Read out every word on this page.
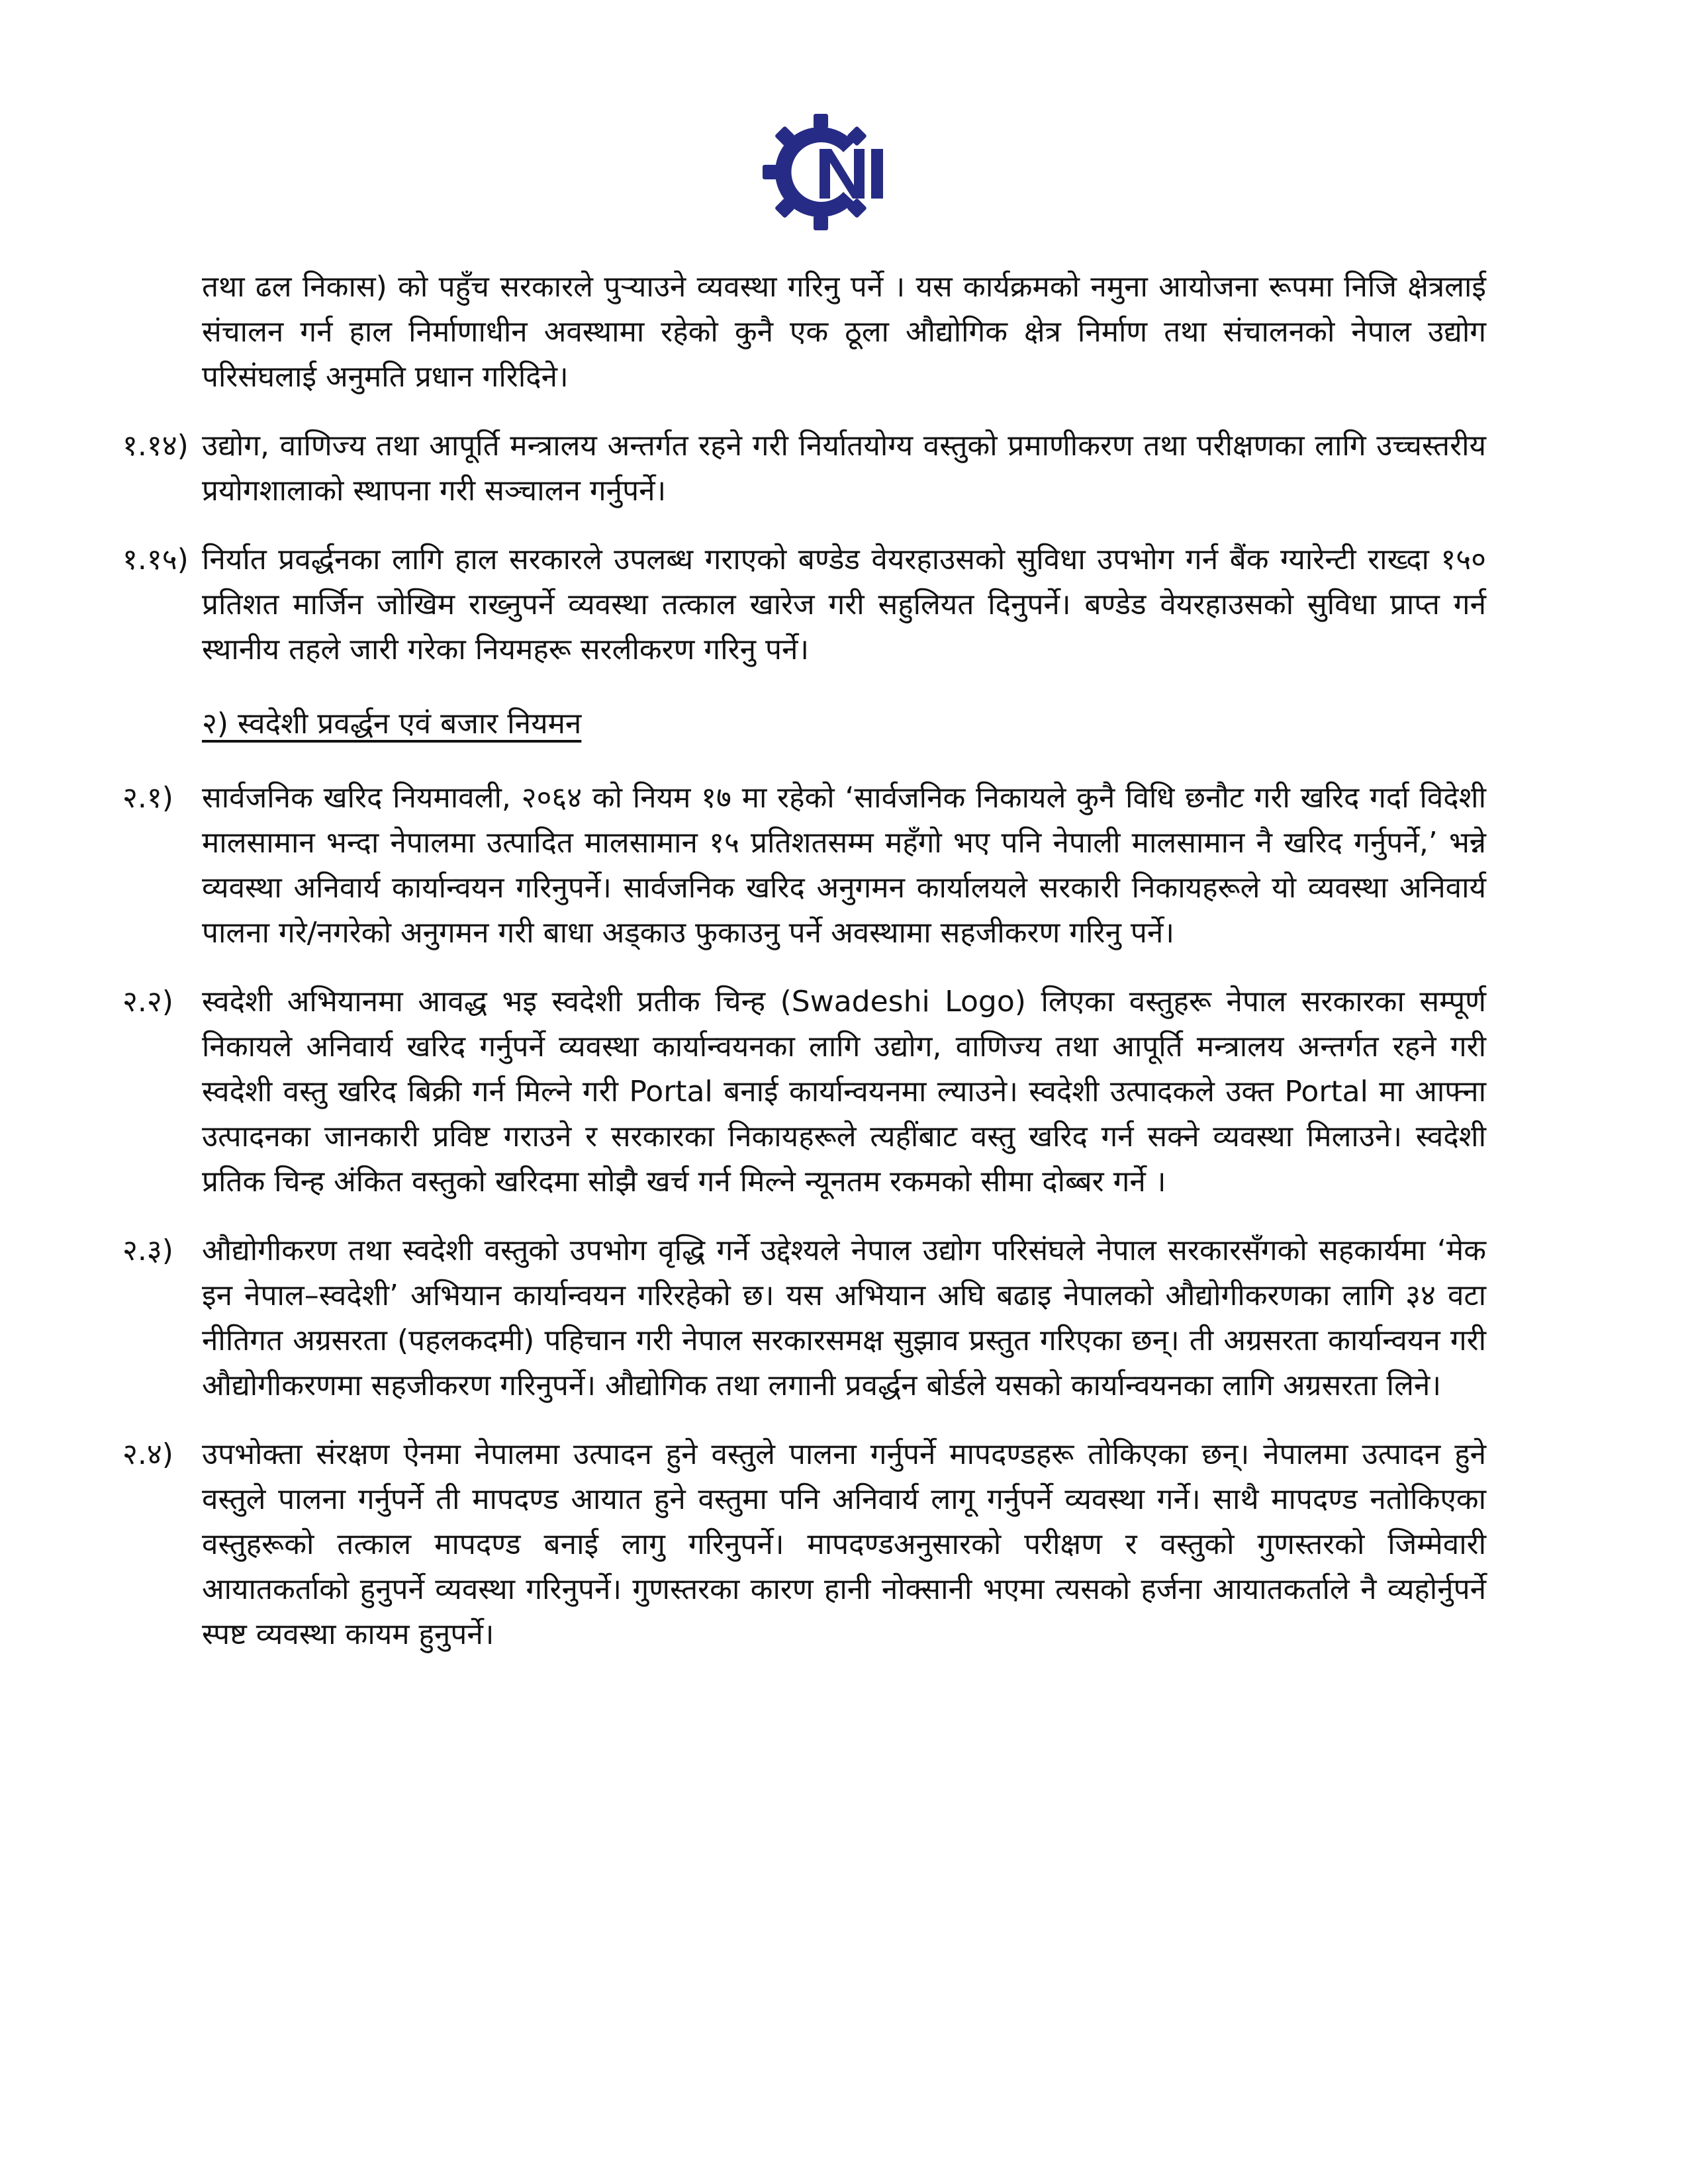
NI

तथा ढल निकास) को पहुँच सरकारले पुर्‍याउने व्यवस्था गरिनु पर्ने । यस कार्यक्रमको नमुना आयोजना रूपमा निजि क्षेत्रलाई संचालन गर्न हाल निर्माणाधीन अवस्थामा रहेको कुनै एक ठूला औद्योगिक क्षेत्र निर्माण तथा संचालनको नेपाल उद्योग परिसंघलाई अनुमति प्रधान गरिदिने।

१.१४) उद्योग, वाणिज्य तथा आपूर्ति मन्त्रालय अन्तर्गत रहने गरी निर्यातयोग्य वस्तुको प्रमाणीकरण तथा परीक्षणका लागि उच्चस्तरीय प्रयोगशालाको स्थापना गरी सञ्चालन गर्नुपर्ने।
१.१५) निर्यात प्रवर्द्धनका लागि हाल सरकारले उपलब्ध गराएको बण्डेड वेयरहाउसको सुविधा उपभोग गर्न बैंक ग्यारेन्टी राख्दा १५० प्रतिशत मार्जिन जोखिम राख्नुपर्ने व्यवस्था तत्काल खारेज गरी सहुलियत दिनुपर्ने। बण्डेड वेयरहाउसको सुविधा प्राप्त गर्न स्थानीय तहले जारी गरेका नियमहरू सरलीकरण गरिनु पर्ने।
२) स्वदेशी प्रवर्द्धन एवं बजार नियमन
२.१) सार्वजनिक खरिद नियमावली, २०६४ को नियम १७ मा रहेको ‘सार्वजनिक निकायले कुनै विधि छनौट गरी खरिद गर्दा विदेशी मालसामान भन्दा नेपालमा उत्पादित मालसामान १५ प्रतिशतसम्म महँगो भए पनि नेपाली मालसामान नै खरिद गर्नुपर्ने,’ भन्ने व्यवस्था अनिवार्य कार्यान्वयन गरिनुपर्ने। सार्वजनिक खरिद अनुगमन कार्यालयले सरकारी निकायहरूले यो व्यवस्था अनिवार्य पालना गरे/नगरेको अनुगमन गरी बाधा अड्काउ फुकाउनु पर्ने अवस्थामा सहजीकरण गरिनु पर्ने।
२.२) स्वदेशी अभियानमा आवद्ध भइ स्वदेशी प्रतीक चिन्ह (Swadeshi Logo) लिएका वस्तुहरू नेपाल सरकारका सम्पूर्ण निकायले अनिवार्य खरिद गर्नुपर्ने व्यवस्था कार्यान्वयनका लागि उद्योग, वाणिज्य तथा आपूर्ति मन्त्रालय अन्तर्गत रहने गरी स्वदेशी वस्तु खरिद बिक्री गर्न मिल्ने गरी Portal बनाई कार्यान्वयनमा ल्याउने। स्वदेशी उत्पादकले उक्त Portal मा आफ्ना उत्पादनका जानकारी प्रविष्ट गराउने र सरकारका निकायहरूले त्यहींबाट वस्तु खरिद गर्न सक्ने व्यवस्था मिलाउने। स्वदेशी प्रतिक चिन्ह अंकित वस्तुको खरिदमा सोझै खर्च गर्न मिल्ने न्यूनतम रकमको सीमा दोब्बर गर्ने ।
२.३) औद्योगीकरण तथा स्वदेशी वस्तुको उपभोग वृद्धि गर्ने उद्देश्यले नेपाल उद्योग परिसंघले नेपाल सरकारसँगको सहकार्यमा ‘मेक इन नेपाल–स्वदेशी’ अभियान कार्यान्वयन गरिरहेको छ। यस अभियान अघि बढाइ नेपालको औद्योगीकरणका लागि ३४ वटा नीतिगत अग्रसरता (पहलकदमी) पहिचान गरी नेपाल सरकारसमक्ष सुझाव प्रस्तुत गरिएका छन्। ती अग्रसरता कार्यान्वयन गरी औद्योगीकरणमा सहजीकरण गरिनुपर्ने। औद्योगिक तथा लगानी प्रवर्द्धन बोर्डले यसको कार्यान्वयनका लागि अग्रसरता लिने।
२.४) उपभोक्ता संरक्षण ऐनमा नेपालमा उत्पादन हुने वस्तुले पालना गर्नुपर्ने मापदण्डहरू तोकिएका छन्। नेपालमा उत्पादन हुने वस्तुले पालना गर्नुपर्ने ती मापदण्ड आयात हुने वस्तुमा पनि अनिवार्य लागू गर्नुपर्ने व्यवस्था गर्ने। साथै मापदण्ड नतोकिएका वस्तुहरूको तत्काल मापदण्ड बनाई लागु गरिनुपर्ने। मापदण्डअनुसारको परीक्षण र वस्तुको गुणस्तरको जिम्मेवारी आयातकर्ताको हुनुपर्ने व्यवस्था गरिनुपर्ने। गुणस्तरका कारण हानी नोक्सानी भएमा त्यसको हर्जना आयातकर्ताले नै व्यहोर्नुपर्ने स्पष्ट व्यवस्था कायम हुनुपर्ने।
